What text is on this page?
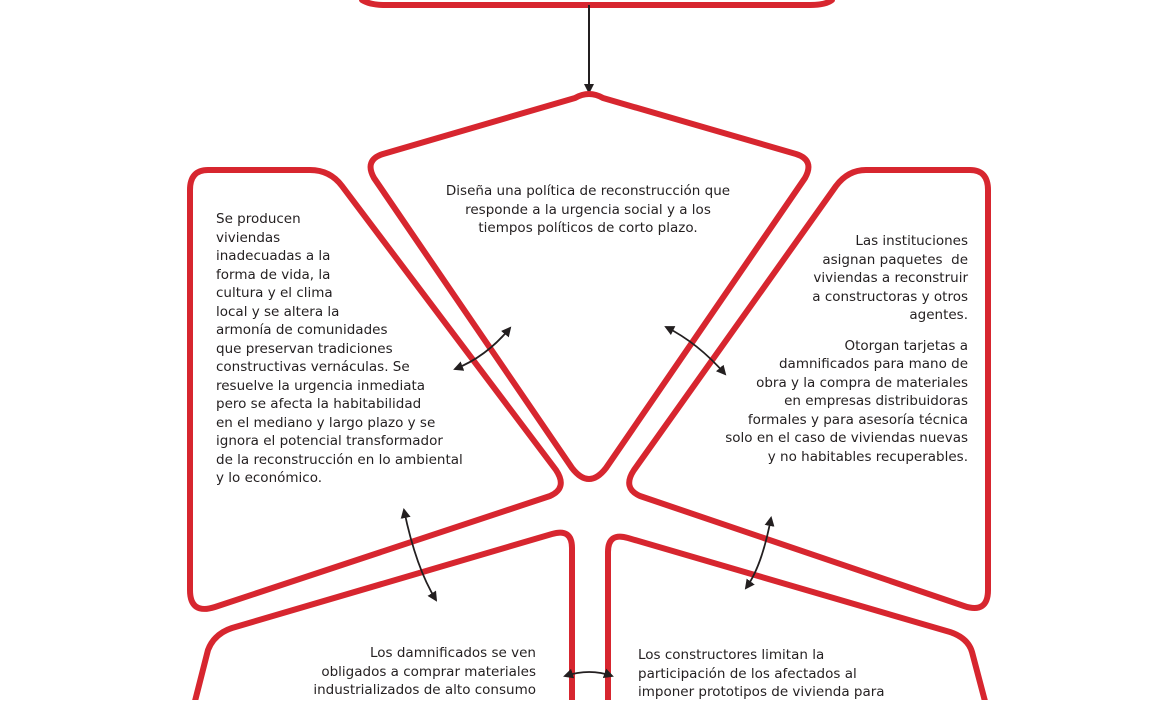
Diseña una política de reconstrucción que
responde a la urgencia social y a los
tiempos políticos de corto plazo.
Se producen
viviendas
inadecuadas a la
forma de vida, la
cultura y el clima
local y se altera la
armonía de comunidades
que preservan tradiciones
constructivas vernáculas. Se
resuelve la urgencia inmediata
pero se afecta la habitabilidad
en el mediano y largo plazo y se
ignora el potencial transformador
de la reconstrucción en lo ambiental
y lo económico.
Las instituciones
asignan paquetes  de
viviendas a reconstruir
a constructoras y otros
agentes.
Otorgan tarjetas a
damnificados para mano de
obra y la compra de materiales
en empresas distribuidoras
formales y para asesoría técnica
solo en el caso de viviendas nuevas
y no habitables recuperables.
Los damnificados se ven
obligados a comprar materiales
industrializados de alto consumo
Los constructores limitan la
participación de los afectados al
imponer prototipos de vivienda para
